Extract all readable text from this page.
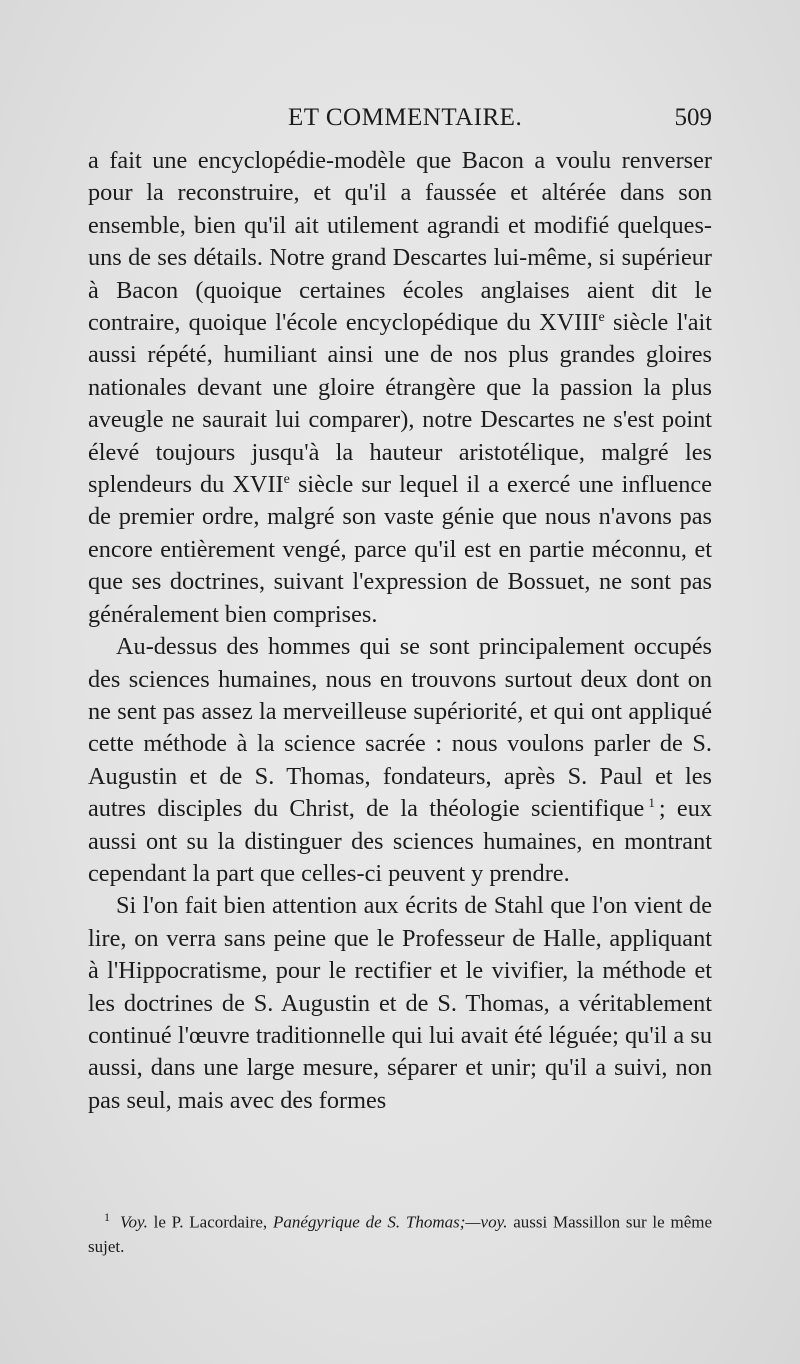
ET COMMENTAIRE.	509

a fait une encyclopédie-modèle que Bacon a voulu renverser pour la reconstruire, et qu'il a faussée et altérée dans son ensemble, bien qu'il ait utilement agrandi et modifié quelques-uns de ses détails. Notre grand Descartes lui-même, si supérieur à Bacon (quoique certaines écoles anglaises aient dit le contraire, quoique l'école encyclopédique du XVIIIe siècle l'ait aussi répété, humiliant ainsi une de nos plus grandes gloires nationales devant une gloire étrangère que la passion la plus aveugle ne saurait lui comparer), notre Descartes ne s'est point élevé toujours jusqu'à la hauteur aristotélique, malgré les splendeurs du XVIIe siècle sur lequel il a exercé une influence de premier ordre, malgré son vaste génie que nous n'avons pas encore entièrement vengé, parce qu'il est en partie méconnu, et que ses doctrines, suivant l'expression de Bossuet, ne sont pas généralement bien comprises.

Au-dessus des hommes qui se sont principalement occupés des sciences humaines, nous en trouvons surtout deux dont on ne sent pas assez la merveilleuse supériorité, et qui ont appliqué cette méthode à la science sacrée : nous voulons parler de S. Augustin et de S. Thomas, fondateurs, après S. Paul et les autres disciples du Christ, de la théologie scientifique $^1$ ; eux aussi ont su la distinguer des sciences humaines, en montrant cependant la part que celles-ci peuvent y prendre.

Si l'on fait bien attention aux écrits de Stahl que l'on vient de lire, on verra sans peine que le Professeur de Halle, appliquant à l'Hippocratisme, pour le rectifier et le vivifier, la méthode et les doctrines de S. Augustin et de S. Thomas, a véritablement continué l'œuvre traditionnelle qui lui avait été léguée; qu'il a su aussi, dans une large mesure, séparer et unir; qu'il a suivi, non pas seul, mais avec des formes

$^1$ Voy. le P. Lacordaire, Panégyrique de S. Thomas;—voy. aussi Massillon sur le même sujet.
